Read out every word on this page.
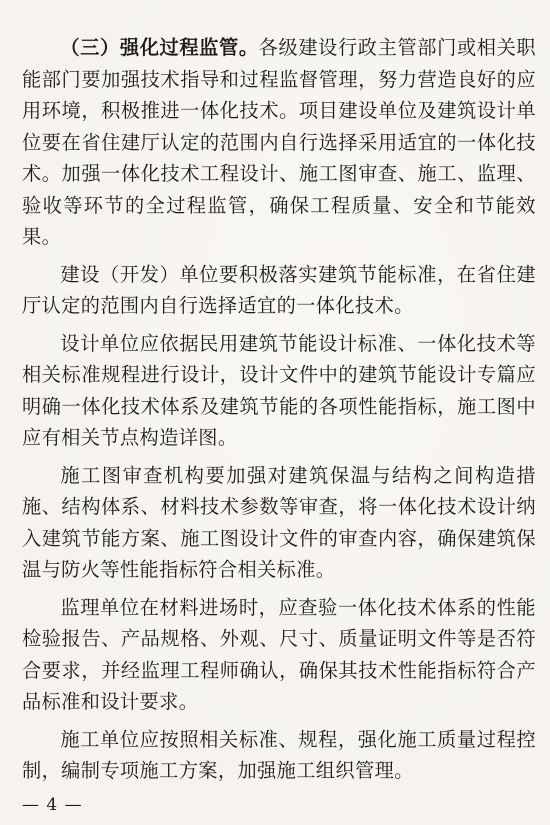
（三）强化过程监管。各级建设行政主管部门或相关职能部门要加强技术指导和过程监督管理，努力营造良好的应用环境，积极推进一体化技术。项目建设单位及建筑设计单位要在省住建厅认定的范围内自行选择采用适宜的一体化技术。加强一体化技术工程设计、施工图审查、施工、监理、验收等环节的全过程监管，确保工程质量、安全和节能效果。

建设（开发）单位要积极落实建筑节能标准，在省住建厅认定的范围内自行选择适宜的一体化技术。

设计单位应依据民用建筑节能设计标准、一体化技术等相关标准规程进行设计，设计文件中的建筑节能设计专篇应明确一体化技术体系及建筑节能的各项性能指标，施工图中应有相关节点构造详图。

施工图审查机构要加强对建筑保温与结构之间构造措施、结构体系、材料技术参数等审查，将一体化技术设计纳入建筑节能方案、施工图设计文件的审查内容，确保建筑保温与防火等性能指标符合相关标准。

监理单位在材料进场时，应查验一体化技术体系的性能检验报告、产品规格、外观、尺寸、质量证明文件等是否符合要求，并经监理工程师确认，确保其技术性能指标符合产品标准和设计要求。

施工单位应按照相关标准、规程，强化施工质量过程控制，编制专项施工方案，加强施工组织管理。

— 4 —
